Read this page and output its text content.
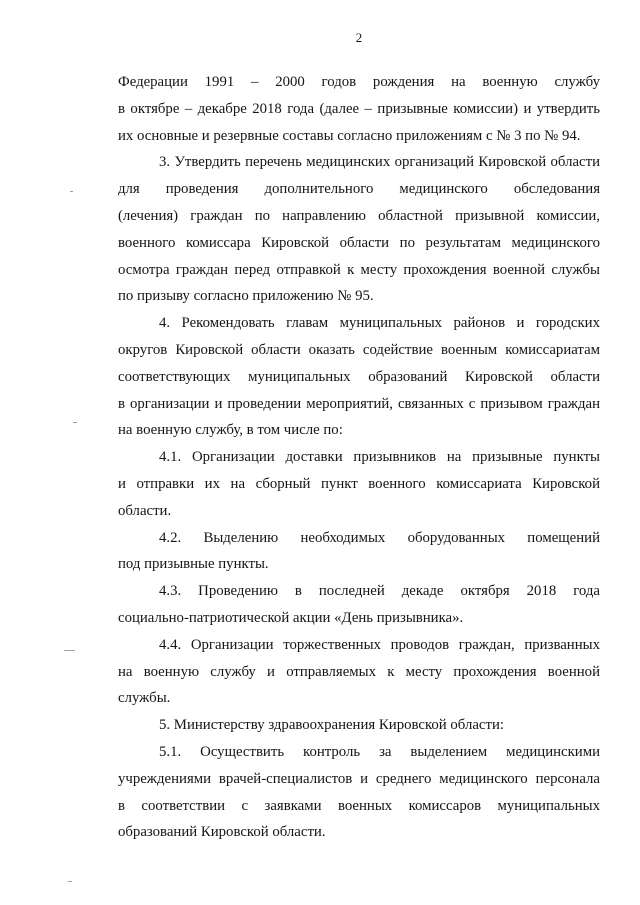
2
Федерации 1991 – 2000 годов рождения на военную службу
в октябре – декабре 2018 года (далее – призывные комиссии) и утвердить
их основные и резервные составы согласно приложениям с № 3 по № 94.
3. Утвердить перечень медицинских организаций Кировской области
для проведения дополнительного медицинского обследования
(лечения) граждан по направлению областной призывной комиссии,
военного комиссара Кировской области по результатам медицинского
осмотра граждан перед отправкой к месту прохождения военной службы
по призыву согласно приложению № 95.
4. Рекомендовать главам муниципальных районов и городских
округов Кировской области оказать содействие военным комиссариатам
соответствующих муниципальных образований Кировской области
в организации и проведении мероприятий, связанных с призывом граждан
на военную службу, в том числе по:
4.1. Организации доставки призывников на призывные пункты
и отправки их на сборный пункт военного комиссариата Кировской
области.
4.2. Выделению необходимых оборудованных помещений
под призывные пункты.
4.3. Проведению в последней декаде октября 2018 года
социально-патриотической акции «День призывника».
4.4. Организации торжественных проводов граждан, призванных
на военную службу и отправляемых к месту прохождения военной
службы.
5. Министерству здравоохранения Кировской области:
5.1. Осуществить контроль за выделением медицинскими
учреждениями врачей-специалистов и среднего медицинского персонала
в соответствии с заявками военных комиссаров муниципальных
образований Кировской области.
